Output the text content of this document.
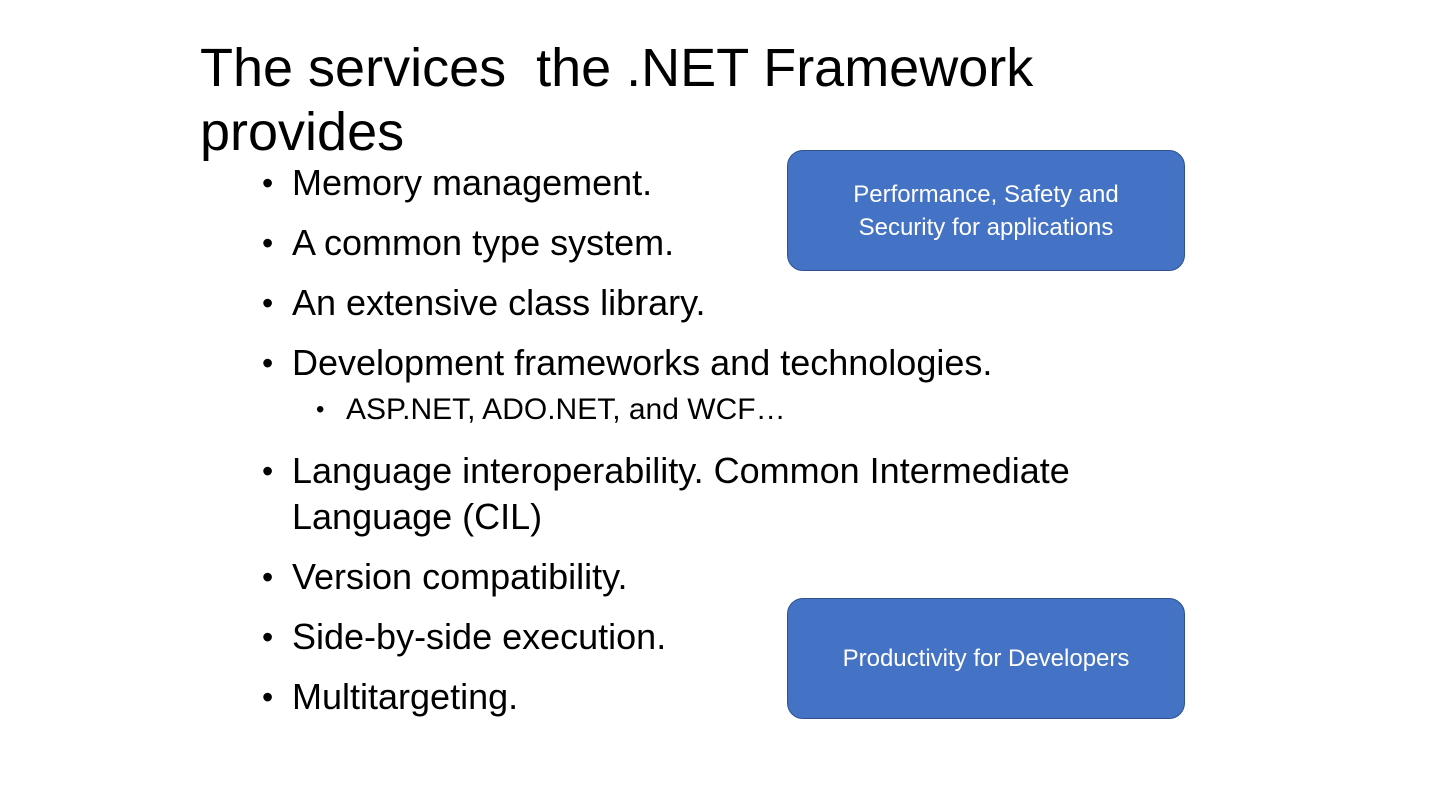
The services  the .NET Framework provides
• Memory management.
• A common type system.
• An extensive class library.
• Development frameworks and technologies.
• ASP.NET, ADO.NET, and WCF…
• Language interoperability. Common Intermediate Language (CIL)
• Version compatibility.
• Side-by-side execution.
• Multitargeting.
Performance, Safety and Security for applications
Productivity for Developers
